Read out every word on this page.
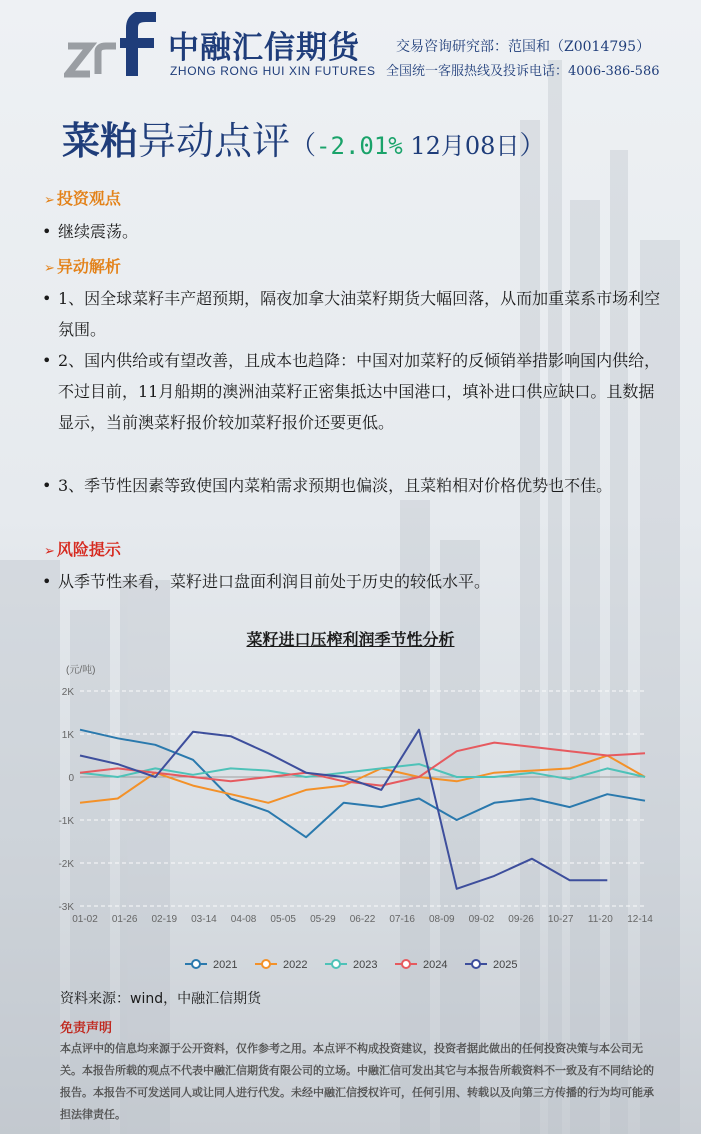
中融汇信期货
ZHONG RONG HUI XIN FUTURES
交易咨询研究部：范国和（Z0014795）
全国统一客服热线及投诉电话：4006-386-586
菜粕异动点评（-2.01% 12月08日）
➢ 投资观点
• 继续震荡。
➢ 异动解析
• 1、因全球菜籽丰产超预期，隔夜加拿大油菜籽期货大幅回落，从而加重菜系市场利空氛围。
• 2、国内供给或有望改善，且成本也趋降：中国对加菜籽的反倾销举措影响国内供给，不过目前，11月船期的澳洲油菜籽正密集抵达中国港口，填补进口供应缺口。且数据显示，当前澳菜籽报价较加菜籽报价还要更低。
• 3、季节性因素等致使国内菜粕需求预期也偏淡，且菜粕相对价格优势也不佳。
➢ 风险提示
• 从季节性来看，菜籽进口盘面利润目前处于历史的较低水平。
菜籽进口压榨利润季节性分析
(元/吨)
2K
1K
0
-1K
-2K
-3K
01-02 01-26 02-19 03-14 04-08 05-05 05-29 06-22 07-16 08-09 09-02 09-26 10-27 11-20 12-14
2021	2022	2023	2024	2025
资料来源：wind，中融汇信期货
免责声明
本点评中的信息均来源于公开资料，仅作参考之用。本点评不构成投资建议，投资者据此做出的任何投资决策与本公司无关。本报告所载的观点不代表中融汇信期货有限公司的立场。中融汇信可发出其它与本报告所载资料不一致及有不同结论的报告。本报告不可发送同人或让同人进行代发。未经中融汇信授权许可，任何引用、转载以及向第三方传播的行为均可能承担法律责任。
